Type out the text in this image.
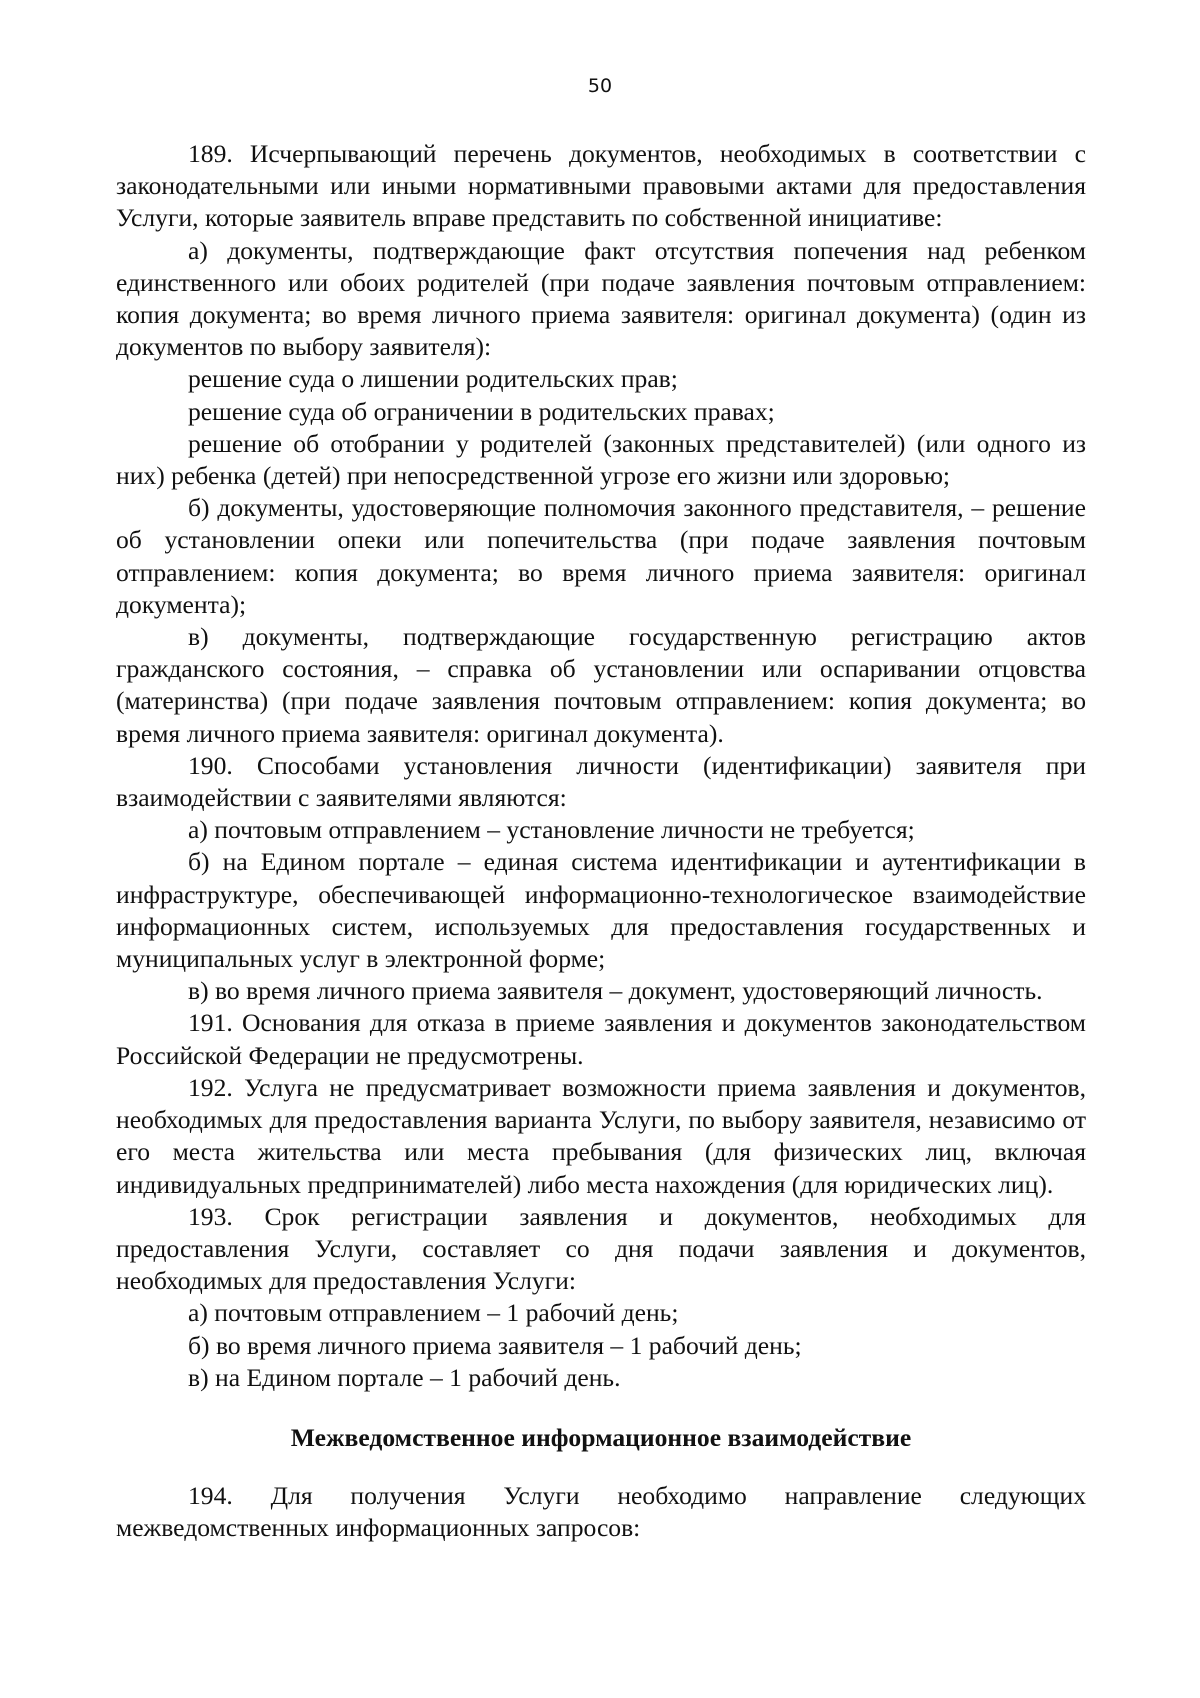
50

189. Исчерпывающий перечень документов, необходимых в соответствии с законодательными или иными нормативными правовыми актами для предоставления Услуги, которые заявитель вправе представить по собственной инициативе:

а) документы, подтверждающие факт отсутствия попечения над ребенком единственного или обоих родителей (при подаче заявления почтовым отправлением: копия документа; во время личного приема заявителя: оригинал документа) (один из документов по выбору заявителя):

решение суда о лишении родительских прав;

решение суда об ограничении в родительских правах;

решение об отобрании у родителей (законных представителей) (или одного из них) ребенка (детей) при непосредственной угрозе его жизни или здоровью;

б) документы, удостоверяющие полномочия законного представителя, – решение об установлении опеки или попечительства (при подаче заявления почтовым отправлением: копия документа; во время личного приема заявителя: оригинал документа);

в) документы, подтверждающие государственную регистрацию актов гражданского состояния, – справка об установлении или оспаривании отцовства (материнства) (при подаче заявления почтовым отправлением: копия документа; во время личного приема заявителя: оригинал документа).

190. Способами установления личности (идентификации) заявителя при взаимодействии с заявителями являются:

а) почтовым отправлением – установление личности не требуется;

б) на Едином портале – единая система идентификации и аутентификации в инфраструктуре, обеспечивающей информационно-технологическое взаимодействие информационных систем, используемых для предоставления государственных и муниципальных услуг в электронной форме;

в) во время личного приема заявителя – документ, удостоверяющий личность.

191. Основания для отказа в приеме заявления и документов законодательством Российской Федерации не предусмотрены.

192. Услуга не предусматривает возможности приема заявления и документов, необходимых для предоставления варианта Услуги, по выбору заявителя, независимо от его места жительства или места пребывания (для физических лиц, включая индивидуальных предпринимателей) либо места нахождения (для юридических лиц).

193. Срок регистрации заявления и документов, необходимых для предоставления Услуги, составляет со дня подачи заявления и документов, необходимых для предоставления Услуги:

а) почтовым отправлением – 1 рабочий день;

б) во время личного приема заявителя – 1 рабочий день;

в) на Едином портале – 1 рабочий день.

Межведомственное информационное взаимодействие

194. Для получения Услуги необходимо направление следующих межведомственных информационных запросов:
